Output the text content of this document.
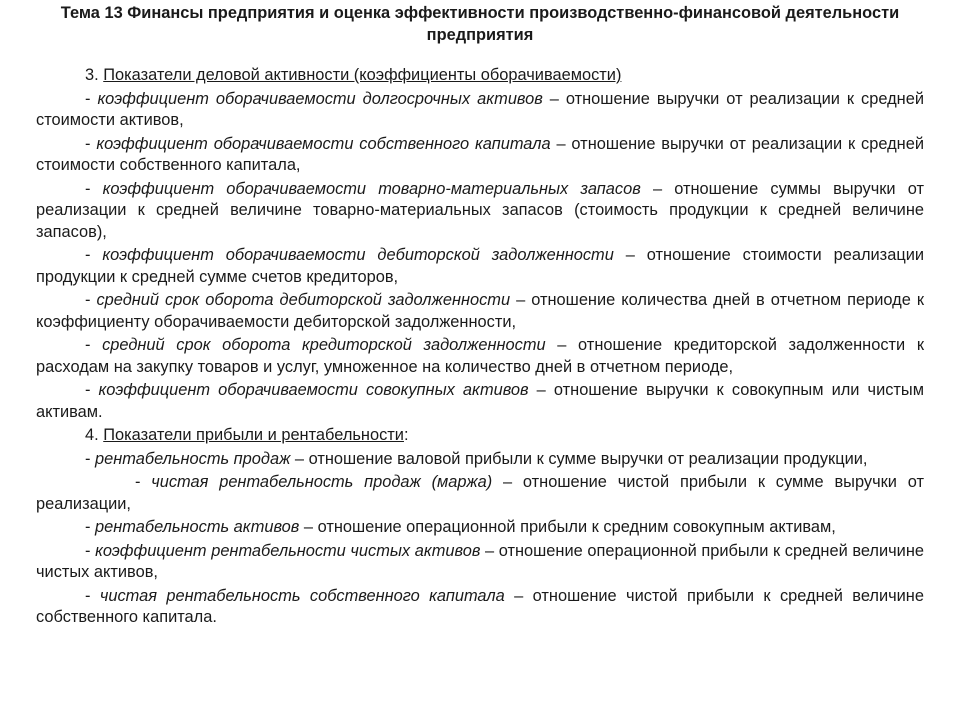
Тема 13 Финансы предприятия и оценка эффективности производственно-финансовой деятельности предприятия

3. Показатели деловой активности (коэффициенты оборачиваемости)

- коэффициент оборачиваемости долгосрочных активов – отношение выручки от реализации к средней стоимости активов,

- коэффициент оборачиваемости собственного капитала – отношение выручки от реализации к средней стоимости собственного капитала,

- коэффициент оборачиваемости товарно-материальных запасов – отношение суммы выручки от реализации к средней величине товарно-материальных запасов (стоимость продукции к средней величине запасов),

- коэффициент оборачиваемости дебиторской задолженности – отношение стоимости реализации продукции к средней сумме счетов кредиторов,

- средний срок оборота дебиторской задолженности – отношение количества дней в отчетном периоде к коэффициенту оборачиваемости дебиторской задолженности,

- средний срок оборота кредиторской задолженности – отношение кредиторской задолженности к расходам на закупку товаров и услуг, умноженное на количество дней в отчетном периоде,

- коэффициент оборачиваемости совокупных активов – отношение выручки к совокупным или чистым активам.

4. Показатели прибыли и рентабельности:

- рентабельность продаж – отношение валовой прибыли к сумме выручки от реализации продукции,

- чистая рентабельность продаж (маржа) – отношение чистой прибыли к сумме выручки от реализации,

- рентабельность активов – отношение операционной прибыли к средним совокупным активам,

- коэффициент рентабельности чистых активов – отношение операционной прибыли к средней величине чистых активов,

- чистая рентабельность собственного капитала – отношение чистой прибыли к средней величине собственного капитала.
